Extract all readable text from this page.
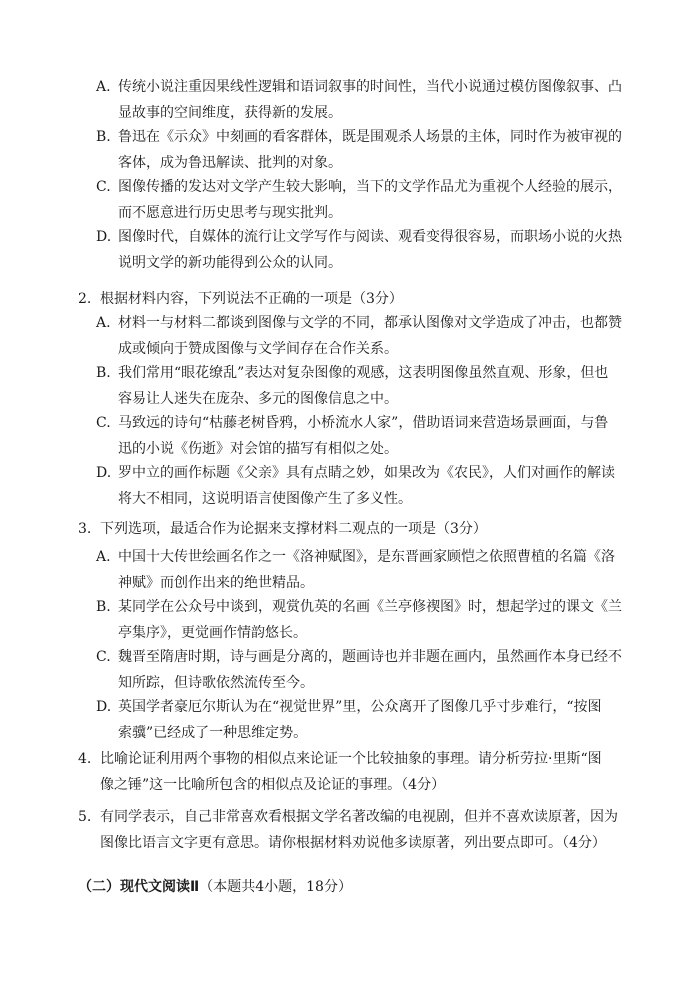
A. 传统小说注重因果线性逻辑和语词叙事的时间性，当代小说通过模仿图像叙事、凸
显故事的空间维度，获得新的发展。
B. 鲁迅在《示众》中刻画的看客群体，既是围观杀人场景的主体，同时作为被审视的
客体，成为鲁迅解读、批判的对象。
C. 图像传播的发达对文学产生较大影响，当下的文学作品尤为重视个人经验的展示，
而不愿意进行历史思考与现实批判。
D. 图像时代，自媒体的流行让文学写作与阅读、观看变得很容易，而职场小说的火热
说明文学的新功能得到公众的认同。
2. 根据材料内容，下列说法不正确的一项是（3分）
A. 材料一与材料二都谈到图像与文学的不同，都承认图像对文学造成了冲击，也都赞
成或倾向于赞成图像与文学间存在合作关系。
B. 我们常用“眼花缭乱”表达对复杂图像的观感，这表明图像虽然直观、形象，但也
容易让人迷失在庞杂、多元的图像信息之中。
C. 马致远的诗句“枯藤老树昏鸦，小桥流水人家”，借助语词来营造场景画面，与鲁
迅的小说《伤逝》对会馆的描写有相似之处。
D. 罗中立的画作标题《父亲》具有点睛之妙，如果改为《农民》，人们对画作的解读
将大不相同，这说明语言使图像产生了多义性。
3. 下列选项，最适合作为论据来支撑材料二观点的一项是（3分）
A. 中国十大传世绘画名作之一《洛神赋图》，是东晋画家顾恺之依照曹植的名篇《洛
神赋》而创作出来的绝世精品。
B. 某同学在公众号中谈到，观赏仇英的名画《兰亭修禊图》时，想起学过的课文《兰
亭集序》，更觉画作情韵悠长。
C. 魏晋至隋唐时期，诗与画是分离的，题画诗也并非题在画内，虽然画作本身已经不
知所踪，但诗歌依然流传至今。
D. 英国学者豪厄尔斯认为在“视觉世界”里，公众离开了图像几乎寸步难行，“按图
索骥”已经成了一种思维定势。
4. 比喻论证利用两个事物的相似点来论证一个比较抽象的事理。请分析劳拉·里斯“图
像之锤”这一比喻所包含的相似点及论证的事理。（4分）
5. 有同学表示，自己非常喜欢看根据文学名著改编的电视剧，但并不喜欢读原著，因为
图像比语言文字更有意思。请你根据材料劝说他多读原著，列出要点即可。（4分）
（二）现代文阅读Ⅱ（本题共4小题，18分）
